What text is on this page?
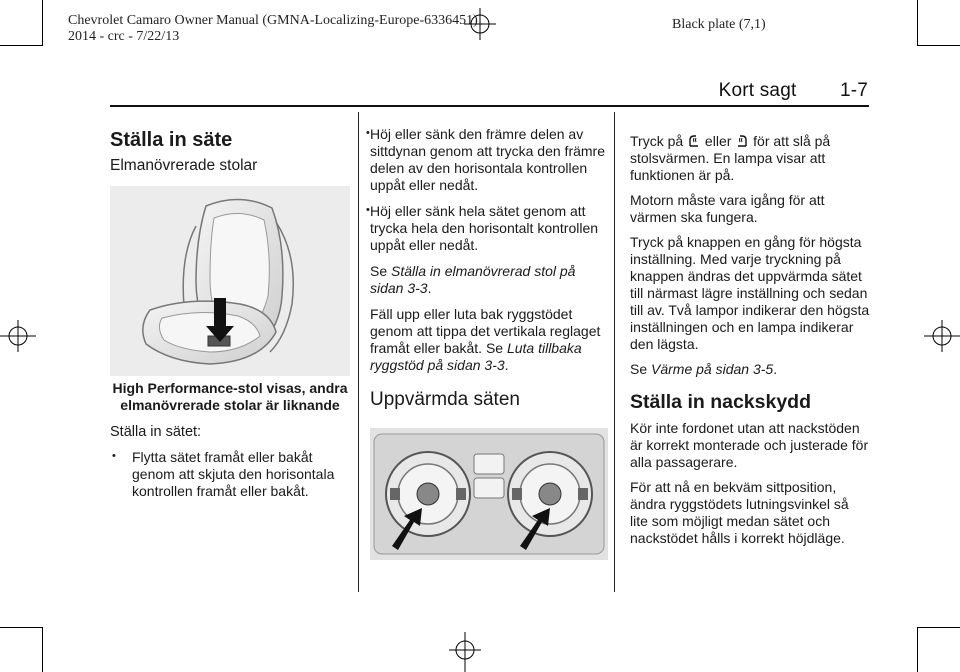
Chevrolet Camaro Owner Manual (GMNA-Localizing-Europe-6336451)
2014 - crc - 7/22/13
Black plate (7,1)
Kort sagt 1-7

Ställa in säte

Elmanövrerade stolar

High Performance-stol visas, andra elmanövrerade stolar är liknande

Ställa in sätet:

• Flytta sätet framåt eller bakåt genom att skjuta den horisontala kontrollen framåt eller bakåt.
• Höj eller sänk den främre delen av sittdynan genom att trycka den främre delen av den horisontala kontrollen uppåt eller nedåt.
• Höj eller sänk hela sätet genom att trycka hela den horisontalt kontrollen uppåt eller nedåt.

Se Ställa in elmanövrerad stol på sidan 3-3.

Fäll upp eller luta bak ryggstödet genom att tippa det vertikala reglaget framåt eller bakåt. Se Luta tillbaka ryggstöd på sidan 3-3.

Uppvärmda säten

Tryck på  eller  för att slå på stolsvärmen. En lampa visar att funktionen är på.

Motorn måste vara igång för att värmen ska fungera.

Tryck på knappen en gång för högsta inställning. Med varje tryckning på knappen ändras det uppvärmda sätet till närmast lägre inställning och sedan till av. Två lampor indikerar den högsta inställningen och en lampa indikerar den lägsta.

Se Värme på sidan 3-5.

Ställa in nackskydd

Kör inte fordonet utan att nackstöden är korrekt monterade och justerade för alla passagerare.

För att nå en bekväm sittposition, ändra ryggstödets lutningsvinkel så lite som möjligt medan sätet och nackstödet hålls i korrekt höjdläge.
